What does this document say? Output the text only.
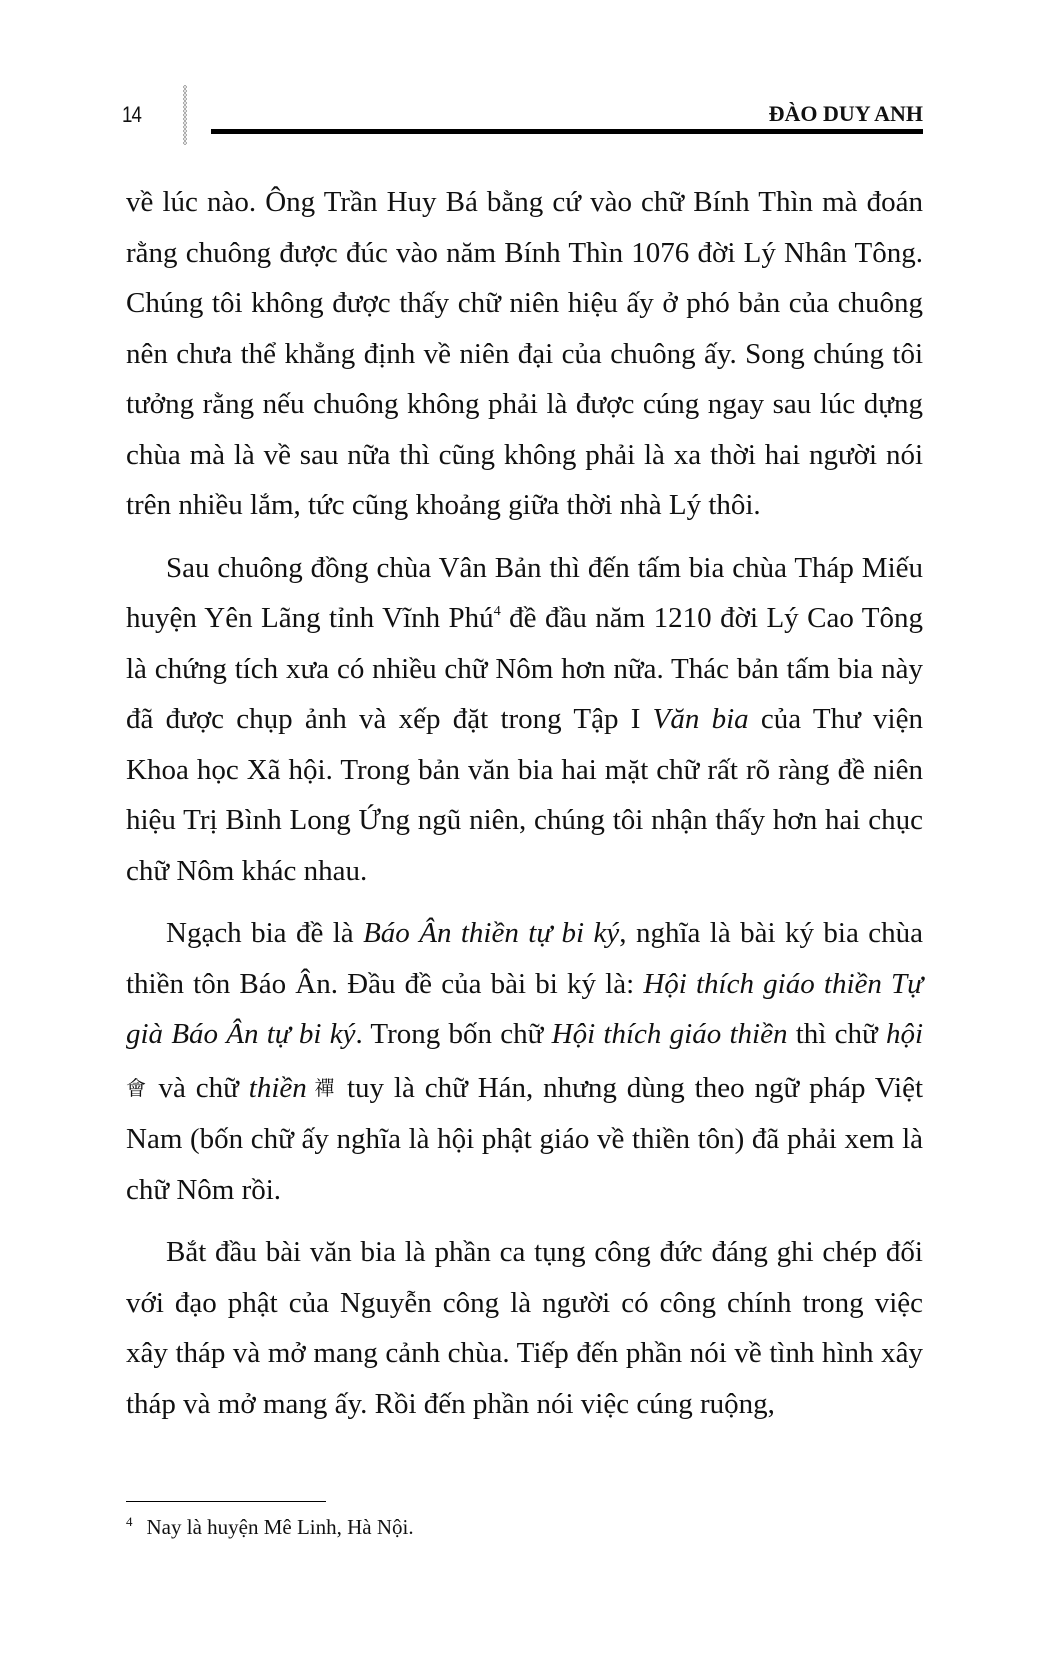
14	ĐÀO DUY ANH

về lúc nào. Ông Trần Huy Bá bằng cứ vào chữ Bính Thìn mà đoán rằng chuông được đúc vào năm Bính Thìn 1076 đời Lý Nhân Tông. Chúng tôi không được thấy chữ niên hiệu ấy ở phó bản của chuông nên chưa thể khẳng định về niên đại của chuông ấy. Song chúng tôi tưởng rằng nếu chuông không phải là được cúng ngay sau lúc dựng chùa mà là về sau nữa thì cũng không phải là xa thời hai người nói trên nhiều lắm, tức cũng khoảng giữa thời nhà Lý thôi.

Sau chuông đồng chùa Vân Bản thì đến tấm bia chùa Tháp Miếu huyện Yên Lãng tỉnh Vĩnh Phú$^4$ đề đầu năm 1210 đời Lý Cao Tông là chứng tích xưa có nhiều chữ Nôm hơn nữa. Thác bản tấm bia này đã được chụp ảnh và xếp đặt trong Tập I Văn bia của Thư viện Khoa học Xã hội. Trong bản văn bia hai mặt chữ rất rõ ràng đề niên hiệu Trị Bình Long Ứng ngũ niên, chúng tôi nhận thấy hơn hai chục chữ Nôm khác nhau.

Ngạch bia đề là Báo Ân thiền tự bi ký, nghĩa là bài ký bia chùa thiền tôn Báo Ân. Đầu đề của bài bi ký là: Hội thích giáo thiền Tự già Báo Ân tự bi ký. Trong bốn chữ Hội thích giáo thiền thì chữ hội 會 và chữ thiền 禪 tuy là chữ Hán, nhưng dùng theo ngữ pháp Việt Nam (bốn chữ ấy nghĩa là hội phật giáo về thiền tôn) đã phải xem là chữ Nôm rồi.

Bắt đầu bài văn bia là phần ca tụng công đức đáng ghi chép đối với đạo phật của Nguyễn công là người có công chính trong việc xây tháp và mở mang cảnh chùa. Tiếp đến phần nói về tình hình xây tháp và mở mang ấy. Rồi đến phần nói việc cúng ruộng,

$^4$ Nay là huyện Mê Linh, Hà Nội.
